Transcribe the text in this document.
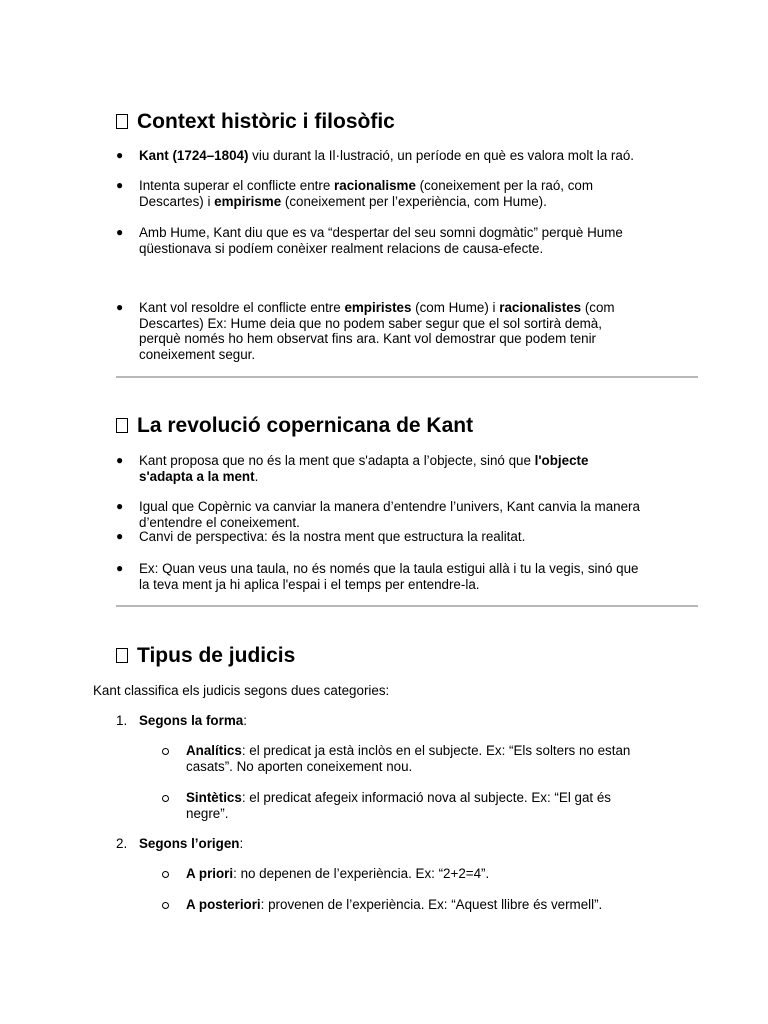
Context històric i filosòfic
● Kant (1724–1804) viu durant la Il·lustració, un període en què es valora molt la raó.
● Intenta superar el conflicte entre racionalisme (coneixement per la raó, com
Descartes) i empirisme (coneixement per l’experiència, com Hume).
● Amb Hume, Kant diu que es va “despertar del seu somni dogmàtic” perquè Hume
qüestionava si podíem conèixer realment relacions de causa-efecte.
● Kant vol resoldre el conflicte entre empiristes (com Hume) i racionalistes (com
Descartes) Ex: Hume deia que no podem saber segur que el sol sortirà demà,
perquè només ho hem observat fins ara. Kant vol demostrar que podem tenir
coneixement segur.
La revolució copernicana de Kant
● Kant proposa que no és la ment que s'adapta a l’objecte, sinó que l'objecte
s'adapta a la ment.
● Igual que Copèrnic va canviar la manera d’entendre l’univers, Kant canvia la manera
d’entendre el coneixement.
● Canvi de perspectiva: és la nostra ment que estructura la realitat.
● Ex: Quan veus una taula, no és només que la taula estigui allà i tu la vegis, sinó que
la teva ment ja hi aplica l'espai i el temps per entendre-la.
Tipus de judicis
Kant classifica els judicis segons dues categories:
1. Segons la forma:
Analítics: el predicat ja està inclòs en el subjecte. Ex: “Els solters no estan
casats”. No aporten coneixement nou.
Sintètics: el predicat afegeix informació nova al subjecte. Ex: “El gat és
negre”.
2. Segons l’origen:
A priori: no depenen de l’experiència. Ex: “2+2=4”.
A posteriori: provenen de l’experiència. Ex: “Aquest llibre és vermell”.
